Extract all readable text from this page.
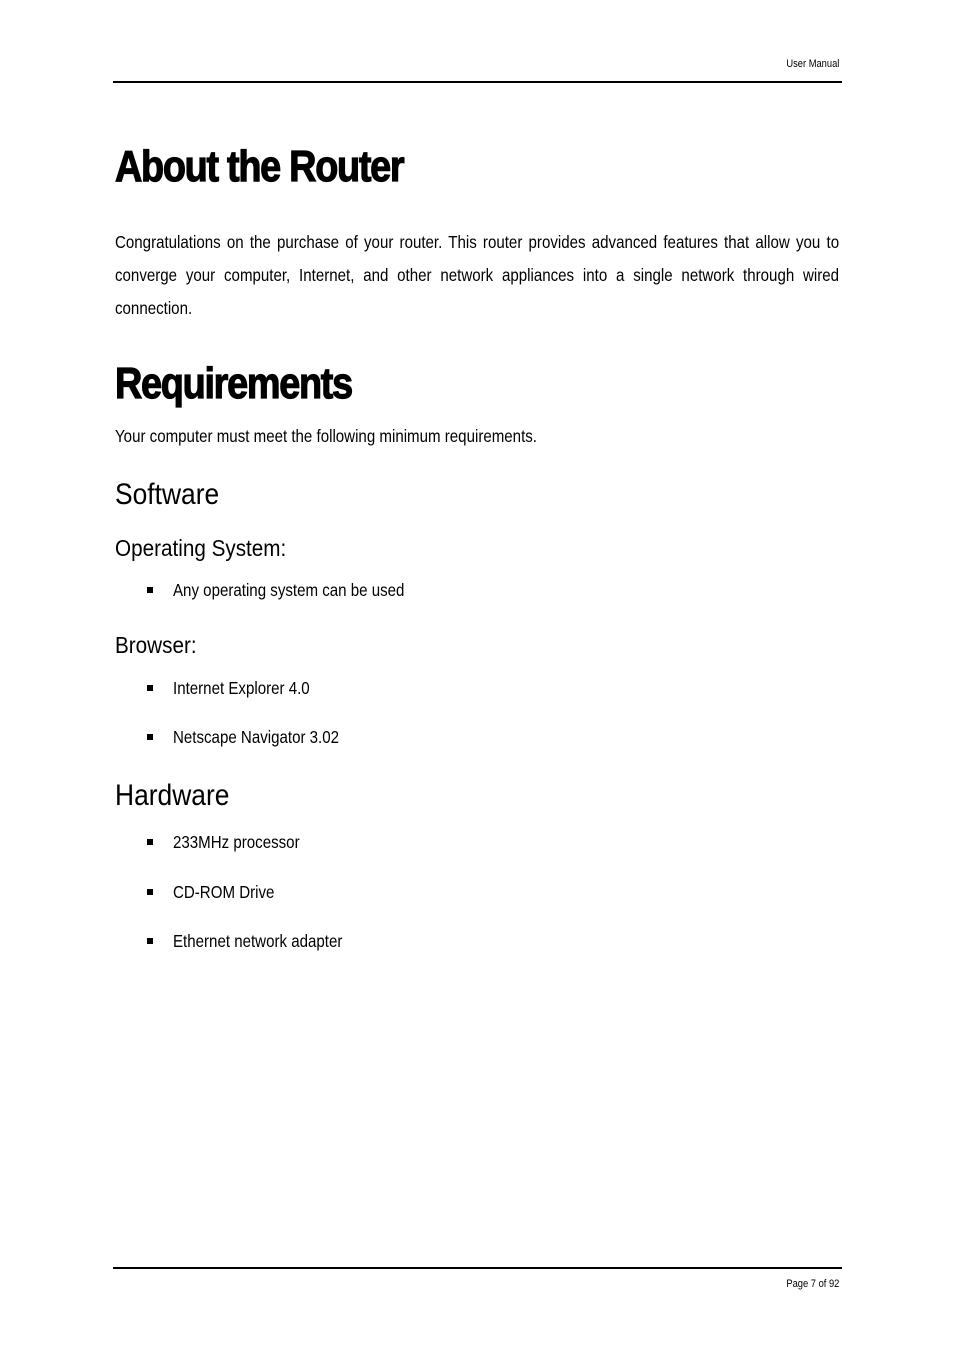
User Manual
About the Router

Congratulations on the purchase of your router. This router provides advanced features that allow you to converge your computer, Internet, and other network appliances into a single network through wired connection.

Requirements

Your computer must meet the following minimum requirements.

Software
Operating System:

Any operating system can be used

Browser:

Internet Explorer 4.0

Netscape Navigator 3.02

Hardware

233MHz processor

CD-ROM Drive

Ethernet network adapter

Page 7 of 92
